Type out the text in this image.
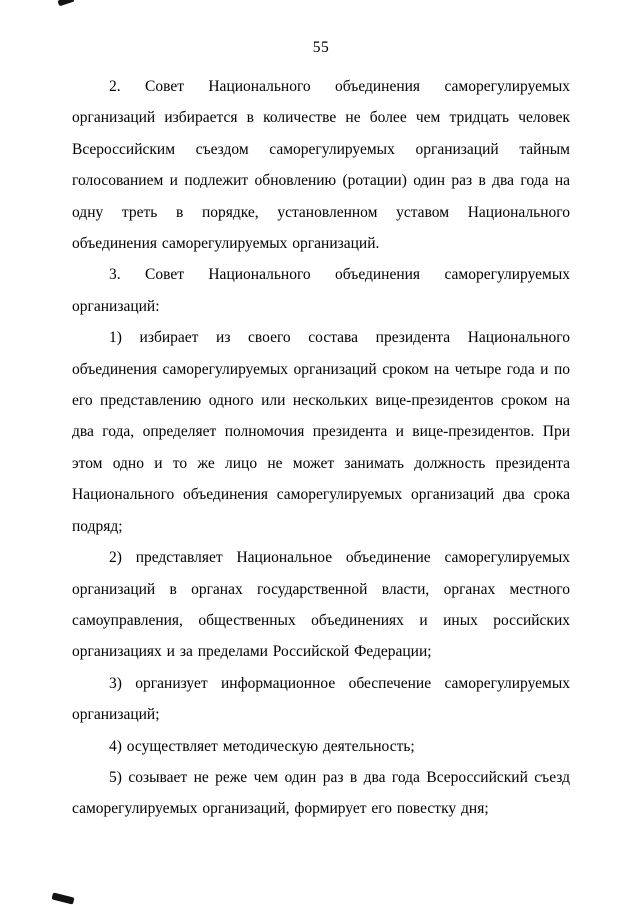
55

2. Совет Национального объединения саморегулируемых организаций избирается в количестве не более чем тридцать человек Всероссийским съездом саморегулируемых организаций тайным голосованием и подлежит обновлению (ротации) один раз в два года на одну треть в порядке, установленном уставом Национального объединения саморегулируемых организаций.

3. Совет Национального объединения саморегулируемых организаций:

1) избирает из своего состава президента Национального объединения саморегулируемых организаций сроком на четыре года и по его представлению одного или нескольких вице-президентов сроком на два года, определяет полномочия президента и вице-президентов. При этом одно и то же лицо не может занимать должность президента Национального объединения саморегулируемых организаций два срока подряд;

2) представляет Национальное объединение саморегулируемых организаций в органах государственной власти, органах местного самоуправления, общественных объединениях и иных российских организациях и за пределами Российской Федерации;

3) организует информационное обеспечение саморегулируемых организаций;

4) осуществляет методическую деятельность;

5) созывает не реже чем один раз в два года Всероссийский съезд саморегулируемых организаций, формирует его повестку дня;
